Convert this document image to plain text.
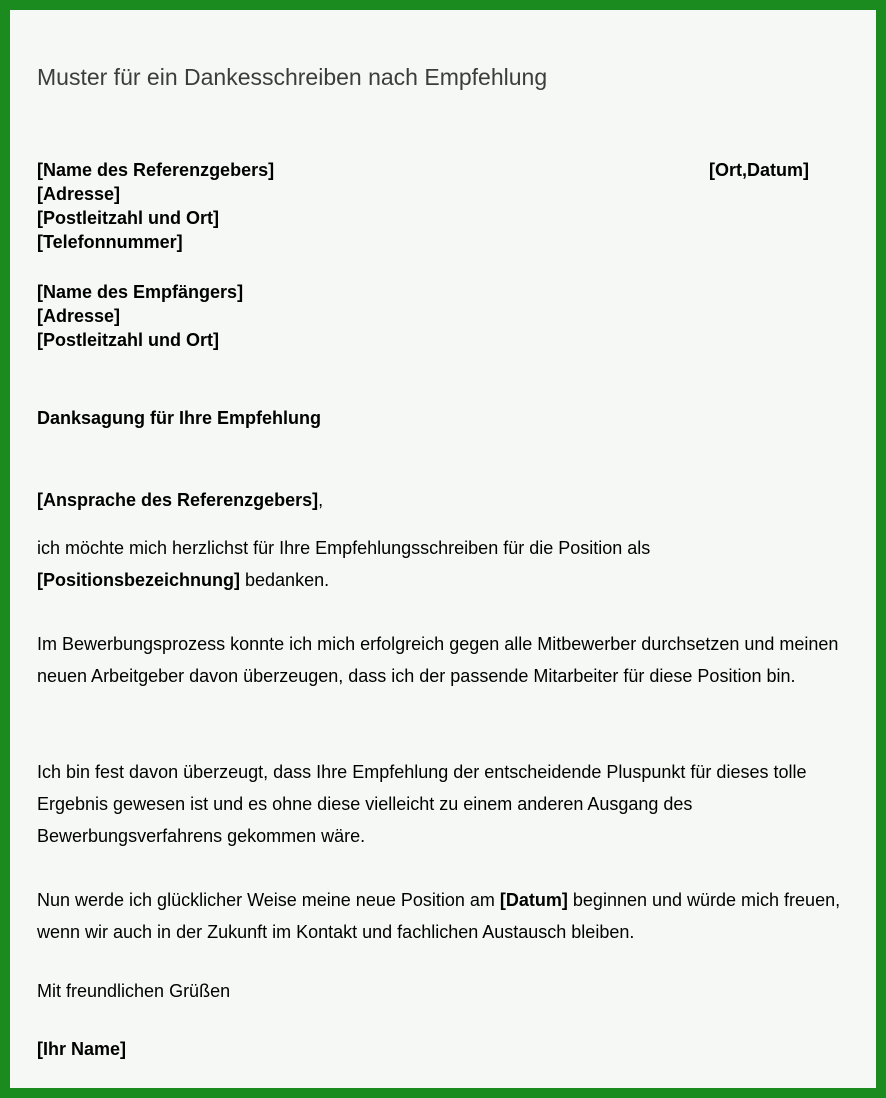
Muster für ein Dankesschreiben nach Empfehlung
[Name des Referenzgebers]	[Ort,Datum]
[Adresse]
[Postleitzahl und Ort]
[Telefonnummer]
[Name des Empfängers]
[Adresse]
[Postleitzahl und Ort]
Danksagung für Ihre Empfehlung
[Ansprache des Referenzgebers],

ich möchte mich herzlichst für Ihre Empfehlungsschreiben für die Position als
[Positionsbezeichnung] bedanken.

Im Bewerbungsprozess konnte ich mich erfolgreich gegen alle Mitbewerber durchsetzen und meinen neuen Arbeitgeber davon überzeugen, dass ich der passende Mitarbeiter für diese Position bin.

Ich bin fest davon überzeugt, dass Ihre Empfehlung der entscheidende Pluspunkt für dieses tolle Ergebnis gewesen ist und es ohne diese vielleicht zu einem anderen Ausgang des Bewerbungsverfahrens gekommen wäre.

Nun werde ich glücklicher Weise meine neue Position am [Datum] beginnen und würde mich freuen, wenn wir auch in der Zukunft im Kontakt und fachlichen Austausch bleiben.

Mit freundlichen Grüßen
[Ihr Name]
